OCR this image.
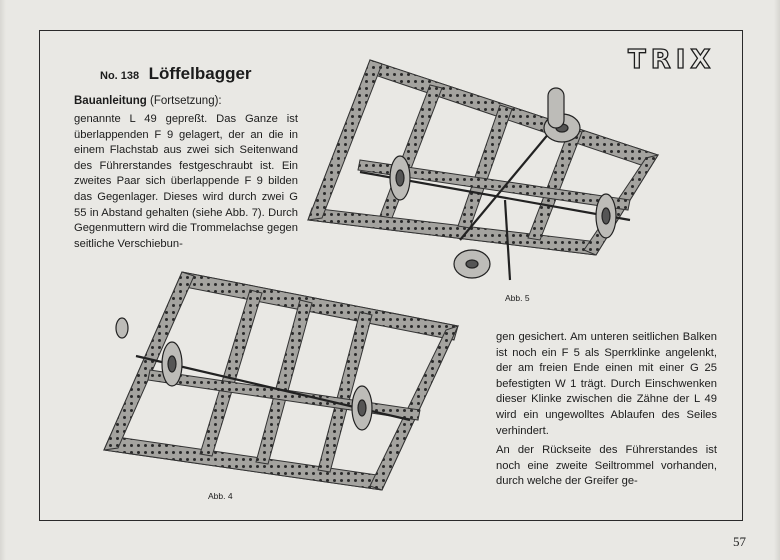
TRIX
No. 138 Löffelbagger
Bauanleitung (Fortsetzung):

genannte L 49 gepreßt. Das Ganze ist überlappenden F 9 gelagert, der an die in einem Flachstab aus zwei sich Seitenwand des Führerstandes festgeschraubt ist. Ein zweites Paar sich überlappende F 9 bilden das Gegenlager. Dieses wird durch zwei G 55 in Abstand gehalten (siehe Abb. 7). Durch Gegenmuttern wird die Trommelachse gegen seitliche Verschiebun-

gen gesichert. Am unteren seitlichen Balken ist noch ein F 5 als Sperrklinke angelenkt, der am freien Ende einen mit einer G 25 befestigten W 1 trägt. Durch Einschwenken dieser Klinke zwischen die Zähne der L 49 wird ein ungewolltes Ablaufen des Seiles verhindert.

An der Rückseite des Führerstandes ist noch eine zweite Seiltrommel vorhanden, durch welche der Greifer ge-

Abb. 5
Abb. 4
57
